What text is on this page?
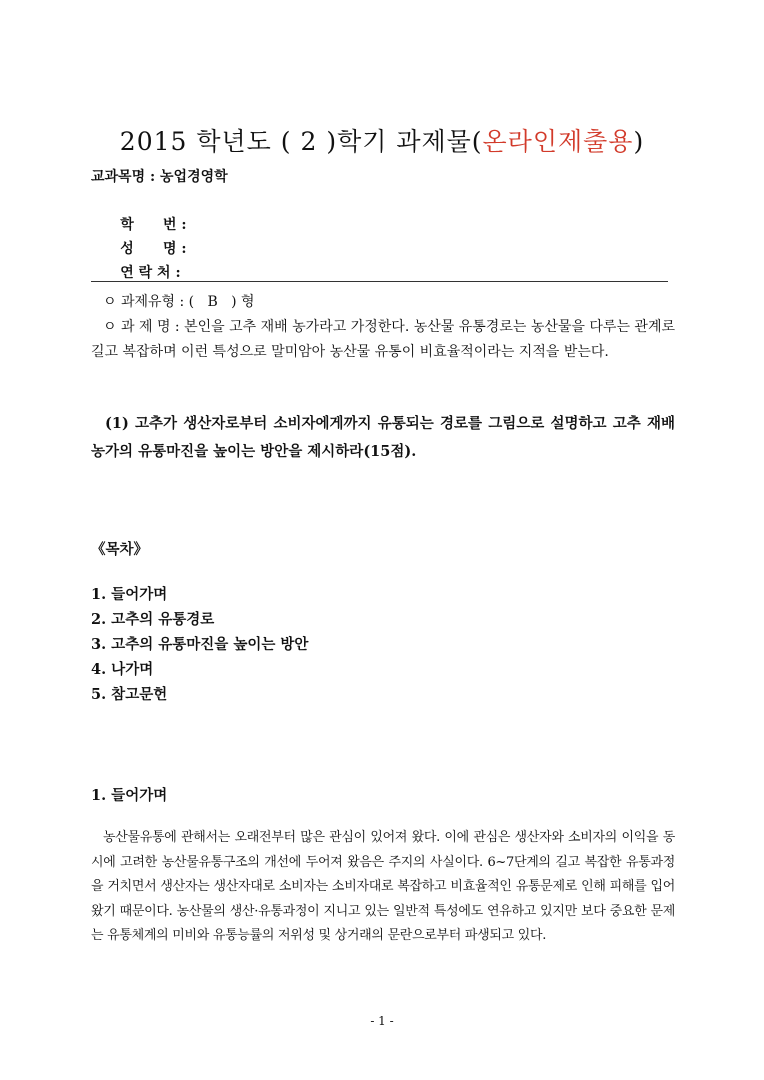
2015 학년도 ( 2 )학기 과제물(온라인제출용)
교과목명 : 농업경영학

학      번 :

성      명 :

연 락 처 :

ㅇ 과제유형 : (   B   ) 형
ㅇ 과 제 명 : 본인을 고추 재배 농가라고 가정한다. 농산물 유통경로는 농산물을 다루는 관계로 길고 복잡하며 이런 특성으로 말미암아 농산물 유통이 비효율적이라는 지적을 받는다.
(1) 고추가 생산자로부터 소비자에게까지 유통되는 경로를 그림으로 설명하고 고추 재배농가의 유통마진을 높이는 방안을 제시하라(15점).
《목차》
1. 들어가며
2. 고추의 유통경로
3. 고추의 유통마진을 높이는 방안
4. 나가며
5. 참고문헌
1. 들어가며
농산물유통에 관해서는 오래전부터 많은 관심이 있어져 왔다. 이에 관심은 생산자와 소비자의 이익을 동시에 고려한 농산물유통구조의 개선에 두어져 왔음은 주지의 사실이다. 6~7단계의 길고 복잡한 유통과정을 거치면서 생산자는 생산자대로 소비자는 소비자대로 복잡하고 비효율적인 유통문제로 인해 피해를 입어왔기 때문이다. 농산물의 생산·유통과정이 지니고 있는 일반적 특성에도 연유하고 있지만 보다 중요한 문제는 유통체계의 미비와 유통능률의 저위성 및 상거래의 문란으로부터 파생되고 있다.
- 1 -
